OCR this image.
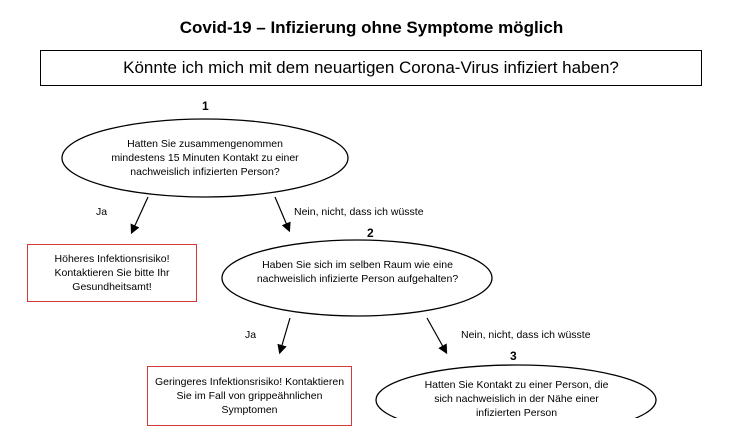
Covid-19 – Infizierung ohne Symptome möglich
Könnte ich mich mit dem neuartigen Corona-Virus infiziert haben?
1
2
3
Hatten Sie zusammengenommen mindestens 15 Minuten Kontakt zu einer nachweislich infizierten Person?
Ja	Nein, nicht, dass ich wüsste
Höheres Infektionsrisiko! Kontaktieren Sie bitte Ihr Gesundheitsamt!
Haben Sie sich im selben Raum wie eine nachweislich infizierte Person aufgehalten?
Ja	Nein, nicht, dass ich wüsste
Geringeres Infektionsrisiko! Kontaktieren Sie im Fall von grippeähnlichen Symptomen
Hatten Sie Kontakt zu einer Person, die sich nachweislich in der Nähe einer infizierten Person
